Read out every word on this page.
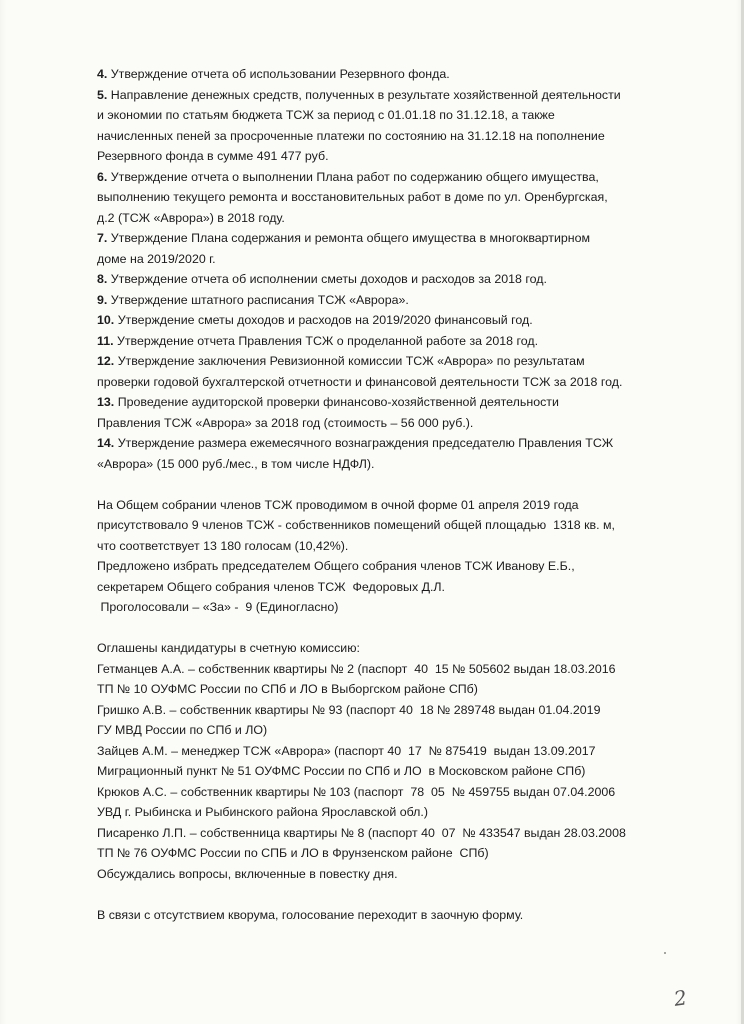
4. Утверждение отчета об использовании Резервного фонда.

5. Направление денежных средств, полученных в результате хозяйственной деятельности

и экономии по статьям бюджета ТСЖ за период с 01.01.18 по 31.12.18, а также

начисленных пеней за просроченные платежи по состоянию на 31.12.18 на пополнение

Резервного фонда в сумме 491 477 руб.

6. Утверждение отчета о выполнении Плана работ по содержанию общего имущества,

выполнению текущего ремонта и восстановительных работ в доме по ул. Оренбургская,

д.2 (ТСЖ «Аврора») в 2018 году.

7. Утверждение Плана содержания и ремонта общего имущества в многоквартирном

доме на 2019/2020 г.

8. Утверждение отчета об исполнении сметы доходов и расходов за 2018 год.

9. Утверждение штатного расписания ТСЖ «Аврора».

10. Утверждение сметы доходов и расходов на 2019/2020 финансовый год.

11. Утверждение отчета Правления ТСЖ о проделанной работе за 2018 год.

12. Утверждение заключения Ревизионной комиссии ТСЖ «Аврора» по результатам

проверки годовой бухгалтерской отчетности и финансовой деятельности ТСЖ за 2018 год.

13. Проведение аудиторской проверки финансово-хозяйственной деятельности

Правления ТСЖ «Аврора» за 2018 год (стоимость – 56 000 руб.).

14. Утверждение размера ежемесячного вознаграждения председателю Правления ТСЖ

«Аврора» (15 000 руб./мес., в том числе НДФЛ).

На Общем собрании членов ТСЖ проводимом в очной форме 01 апреля 2019 года

присутствовало 9 членов ТСЖ - собственников помещений общей площадью  1318 кв. м,

что соответствует 13 180 голосам (10,42%).

Предложено избрать председателем Общего собрания членов ТСЖ Иванову Е.Б.,

секретарем Общего собрания членов ТСЖ  Федоровых Д.Л.

Проголосовали – «За» -  9 (Единогласно)

Оглашены кандидатуры в счетную комиссию:

Гетманцев А.А. – собственник квартиры № 2 (паспорт  40  15 № 505602 выдан 18.03.2016

ТП № 10 ОУФМС России по СПб и ЛО в Выборгском районе СПб)

Гришко А.В. – собственник квартиры № 93 (паспорт 40  18 № 289748 выдан 01.04.2019

ГУ МВД России по СПб и ЛО)

Зайцев А.М. – менеджер ТСЖ «Аврора» (паспорт 40  17  № 875419  выдан 13.09.2017

Миграционный пункт № 51 ОУФМС России по СПб и ЛО  в Московском районе СПб)

Крюков А.С. – собственник квартиры № 103 (паспорт  78  05  № 459755 выдан 07.04.2006

УВД г. Рыбинска и Рыбинского района Ярославской обл.)

Писаренко Л.П. – собственница квартиры № 8 (паспорт 40  07  № 433547 выдан 28.03.2008

ТП № 76 ОУФМС России по СПБ и ЛО в Фрунзенском районе  СПб)

Обсуждались вопросы, включенные в повестку дня.

В связи с отсутствием кворума, голосование переходит в заочную форму.

2
